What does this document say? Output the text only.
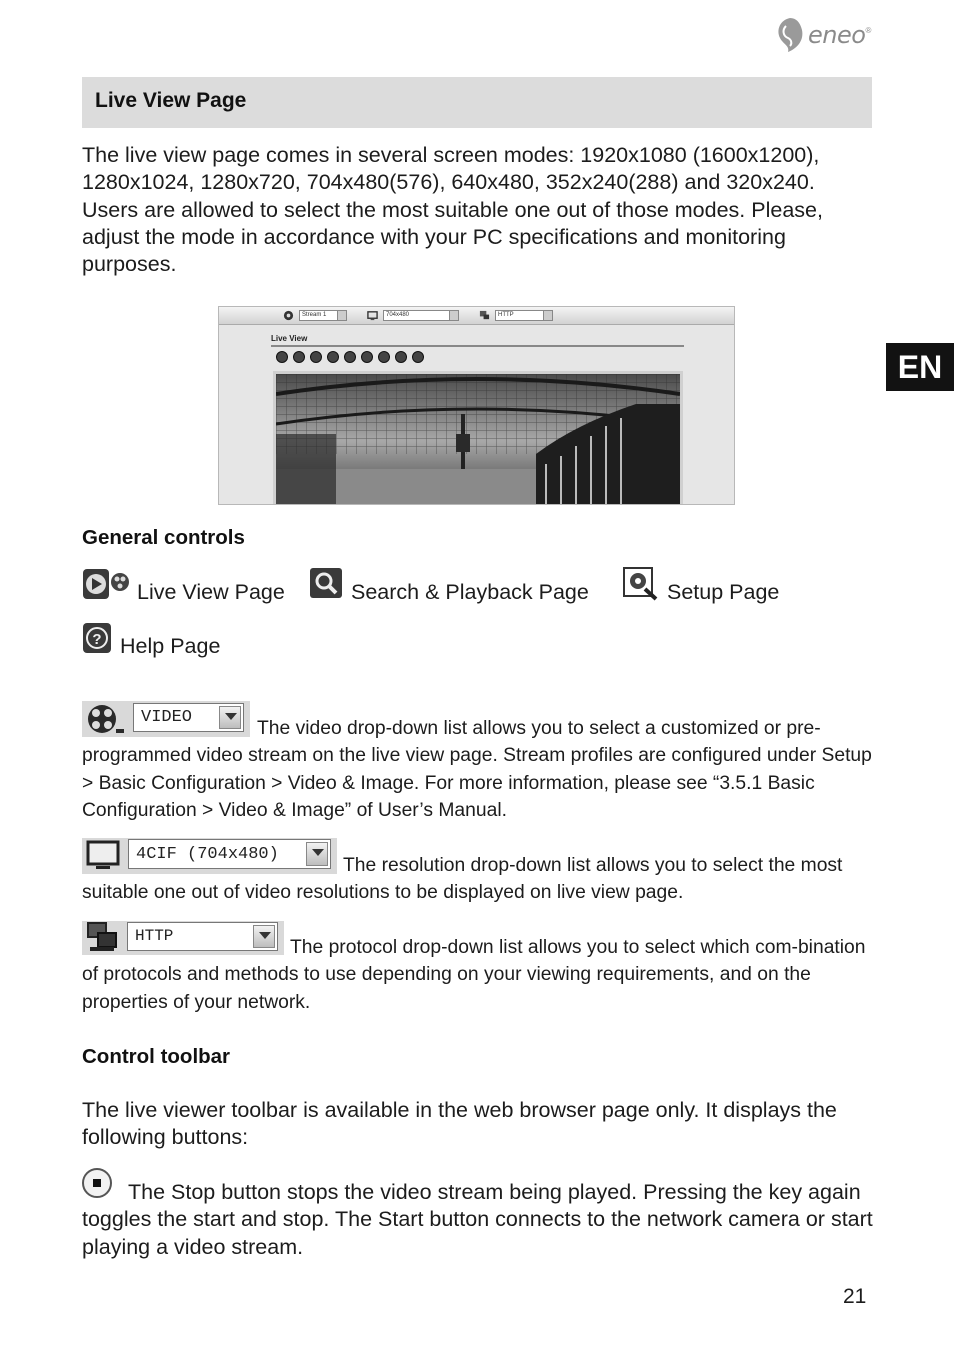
eneo ®
Live View Page

The live view page comes in several screen modes: 1920x1080 (1600x1200), 1280x1024, 1280x720, 704x480(576), 640x480, 352x240(288) and 320x240. Users are allowed to select the most suitable one out of those modes. Please, adjust the mode in accordance with your PC specifications and monitoring purposes.

EN
Stream 1	704x480	HTTP
Live View
General controls
Live View Page	Search & Playback Page	Setup Page
? Help Page
VIDEO

The video drop-down list allows you to select a customized or pre-programmed video stream on the live view page. Stream profiles are configured under Setup > Basic Configuration > Video & Image. For more information, please see “3.5.1 Basic Configuration > Video & Image” of User’s Manual.

4CIF (704x480)

The resolution drop-down list allows you to select the most suitable one out of video resolutions to be displayed on live view page.

HTTP

The protocol drop-down list allows you to select which com-bination of protocols and methods to use depending on your viewing requirements, and on the properties of your network.

Control toolbar

The live viewer toolbar is available in the web browser page only. It displays the following buttons:

The Stop button stops the video stream being played. Pressing the key again toggles the start and stop. The Start button connects to the network camera or start playing a video stream.

21
